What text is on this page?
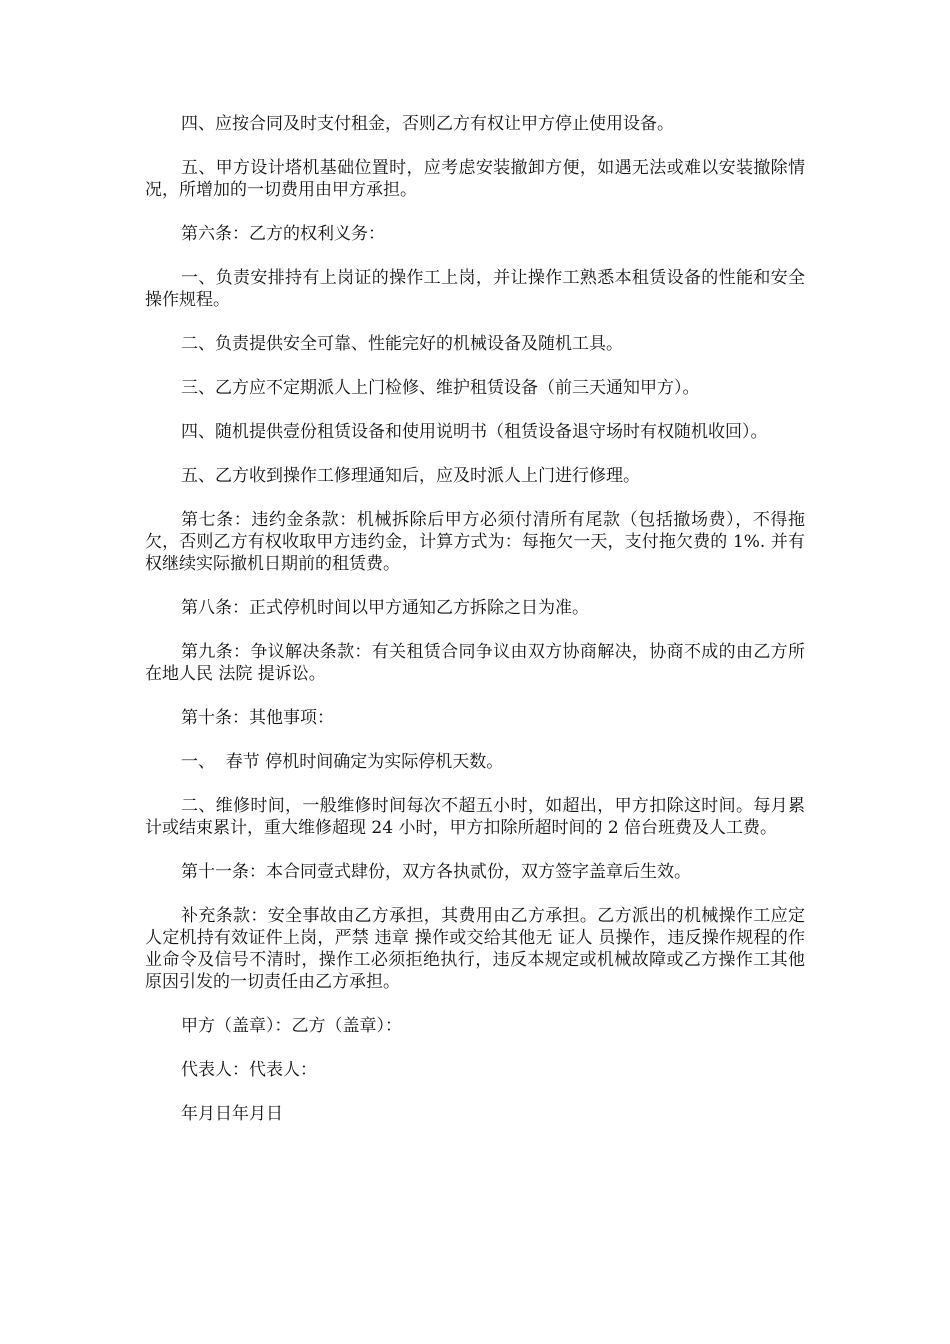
四、应按合同及时支付租金，否则乙方有权让甲方停止使用设备。

五、甲方设计塔机基础位置时，应考虑安装撤卸方便，如遇无法或难以安装撤除情况，所增加的一切费用由甲方承担。

第六条：乙方的权利义务：

一、负责安排持有上岗证的操作工上岗，并让操作工熟悉本租赁设备的性能和安全操作规程。

二、负责提供安全可靠、性能完好的机械设备及随机工具。

三、乙方应不定期派人上门检修、维护租赁设备（前三天通知甲方）。

四、随机提供壹份租赁设备和使用说明书（租赁设备退守场时有权随机收回）。

五、乙方收到操作工修理通知后，应及时派人上门进行修理。

第七条：违约金条款：机械拆除后甲方必须付清所有尾款（包括撤场费），不得拖欠，否则乙方有权收取甲方违约金，计算方式为：每拖欠一天，支付拖欠费的 1%. 并有权继续实际撤机日期前的租赁费。

第八条：正式停机时间以甲方通知乙方拆除之日为准。

第九条：争议解决条款：有关租赁合同争议由双方协商解决，协商不成的由乙方所在地人民 法院 提诉讼。

第十条：其他事项：

一、  春节 停机时间确定为实际停机天数。

二、维修时间，一般维修时间每次不超五小时，如超出，甲方扣除这时间。每月累计或结束累计，重大维修超现 24 小时，甲方扣除所超时间的 2 倍台班费及人工费。

第十一条：本合同壹式肆份，双方各执贰份，双方签字盖章后生效。

补充条款：安全事故由乙方承担，其费用由乙方承担。乙方派出的机械操作工应定人定机持有效证件上岗，严禁 违章 操作或交给其他无 证人 员操作，违反操作规程的作业命令及信号不清时，操作工必须拒绝执行，违反本规定或机械故障或乙方操作工其他原因引发的一切责任由乙方承担。

甲方（盖章）：乙方（盖章）：

代表人：代表人：

年月日年月日
